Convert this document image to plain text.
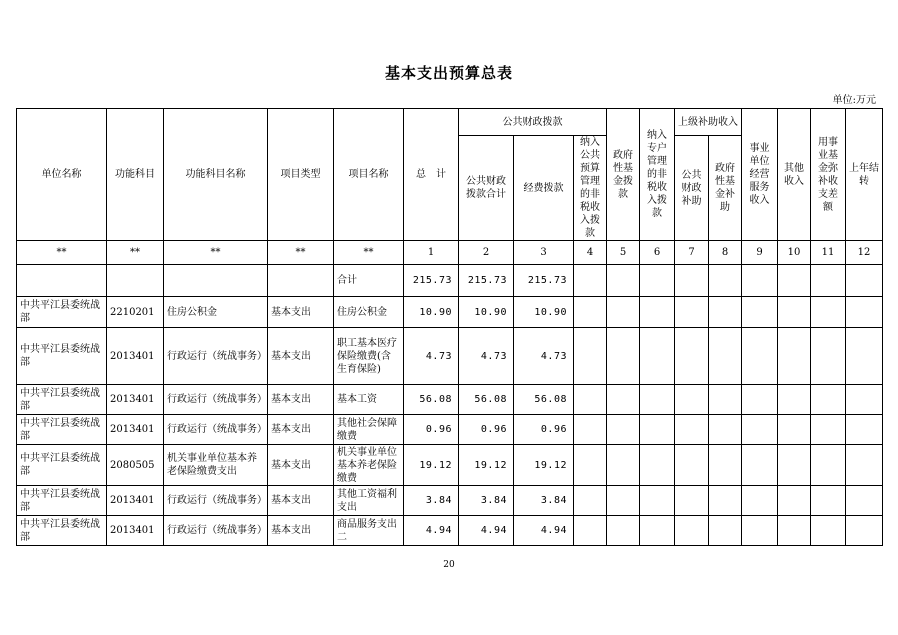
基本支出预算总表
单位:万元
单位名称	功能科目	功能科目名称	项目类型	项目名称	总　计	公共财政拨款			政府性基金拨款	纳入专户管理的非税收入拨款	上级补助收入		事业单位经营服务收入	其他收入	用事业基金弥补收支差额	上年结转
						公共财政拨款合计	经费拨款	纳入公共预算管理的非税收入拨款			公共财政补助	政府性基金补助				
**	**	**	**	**	1	2	3	4	5	6	7	8	9	10	11	12
				合计	215.73	215.73	215.73									
中共平江县委统战部	2210201	住房公积金	基本支出	住房公积金	10.90	10.90	10.90									
中共平江县委统战部	2013401	行政运行（统战事务）	基本支出	职工基本医疗保险缴费(含生育保险)	4.73	4.73	4.73									
中共平江县委统战部	2013401	行政运行（统战事务）	基本支出	基本工资	56.08	56.08	56.08									
中共平江县委统战部	2013401	行政运行（统战事务）	基本支出	其他社会保障缴费	0.96	0.96	0.96									
中共平江县委统战部	2080505	机关事业单位基本养老保险缴费支出	基本支出	机关事业单位基本养老保险缴费	19.12	19.12	19.12									
中共平江县委统战部	2013401	行政运行（统战事务）	基本支出	其他工资福利支出	3.84	3.84	3.84									
中共平江县委统战部	2013401	行政运行（统战事务）	基本支出	商品服务支出二	4.94	4.94	4.94									
20
